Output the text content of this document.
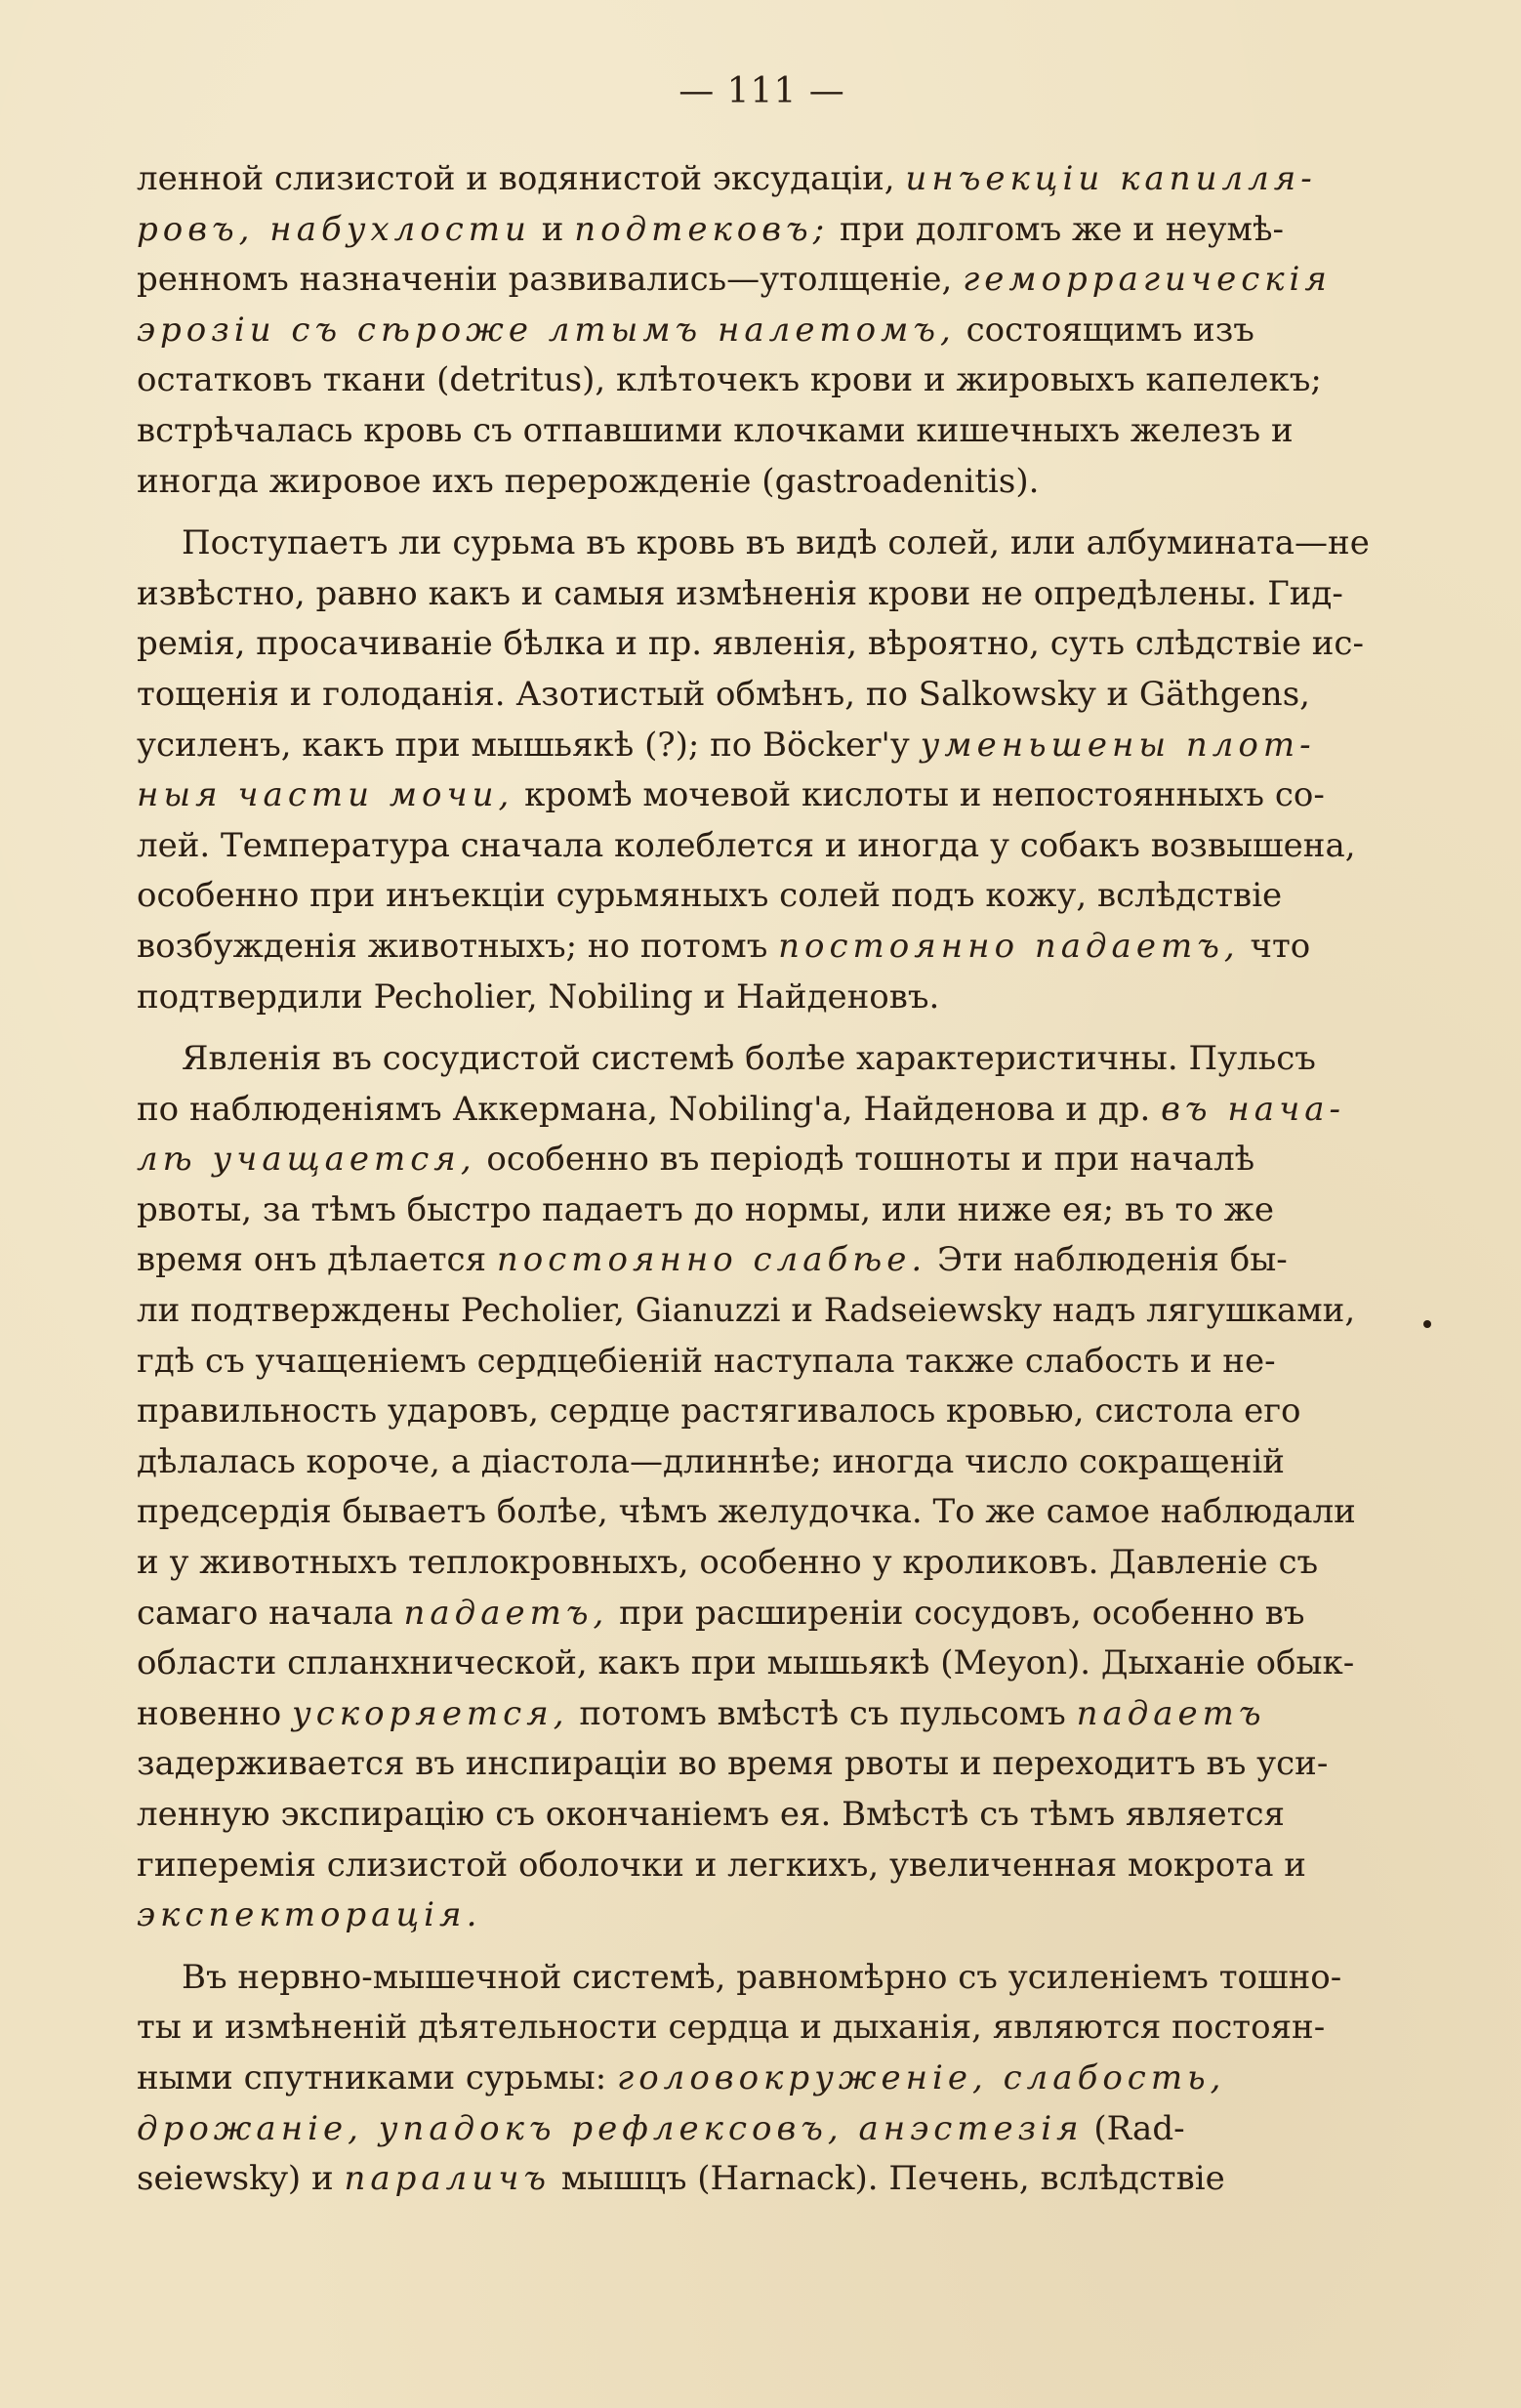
— 111 —
ленной слизистой и водянистой эксудаціи, инъекціи капилля-
ровъ, набухлости и подтековъ; при долгомъ же и неумѣ-
ренномъ назначеніи развивались—утолщеніе, геморрагическія
эрозіи съ сѣроже лтымъ налетомъ, состоящимъ изъ
остатковъ ткани (detritus), клѣточекъ крови и жировыхъ капелекъ;
встрѣчалась кровь съ отпавшими клочками кишечныхъ железъ и
иногда жировое ихъ перерожденіе (gastroadenitis).
Поступаетъ ли сурьма въ кровь въ видѣ солей, или албумината—не
извѣстно, равно какъ и самыя измѣненія крови не опредѣлены. Гид-
ремія, просачиваніе бѣлка и пр. явленія, вѣроятно, суть слѣдствіе ис-
тощенія и голоданія. Азотистый обмѣнъ, по Salkowsky и Gäthgens,
усиленъ, какъ при мышьякѣ (?); по Böcker'у уменьшены плот-
ныя части мочи, кромѣ мочевой кислоты и непостоянныхъ со-
лей. Температура сначала колеблется и иногда у собакъ возвышена,
особенно при инъекціи сурьмяныхъ солей подъ кожу, вслѣдствіе
возбужденія животныхъ; но потомъ постоянно падаетъ, что
подтвердили Pecholier, Nobiling и Найденовъ.
Явленія въ сосудистой системѣ болѣе характеристичны. Пульсъ
по наблюденіямъ Аккермана, Nobiling'а, Найденова и др. въ нача-
лѣ учащается, особенно въ періодѣ тошноты и при началѣ
рвоты, за тѣмъ быстро падаетъ до нормы, или ниже ея; въ то же
время онъ дѣлается постоянно слабѣе. Эти наблюденія бы-
ли подтверждены Pecholier, Gianuzzi и Radseiewsky надъ лягушками,
гдѣ съ учащеніемъ сердцебіеній наступала также слабость и не-
правильность ударовъ, сердце растягивалось кровью, систола его
дѣлалась короче, а діастола—длиннѣе; иногда число сокращеній
предсердія бываетъ болѣе, чѣмъ желудочка. То же самое наблюдали
и у животныхъ теплокровныхъ, особенно у кроликовъ. Давленіе съ
самаго начала падаетъ, при расширеніи сосудовъ, особенно въ
области спланхнической, какъ при мышьякѣ (Meyon). Дыханіе обык-
новенно ускоряется, потомъ вмѣстѣ съ пульсомъ падаетъ
задерживается въ инспираціи во время рвоты и переходитъ въ уси-
ленную экспирацію съ окончаніемъ ея. Вмѣстѣ съ тѣмъ является
гиперемія слизистой оболочки и легкихъ, увеличенная мокрота и
экспекторація.
Въ нервно-мышечной системѣ, равномѣрно съ усиленіемъ тошно-
ты и измѣненій дѣятельности сердца и дыханія, являются постоян-
ными спутниками сурьмы: головокруженіе, слабость,
дрожаніе, упадокъ рефлексовъ, анэстезія (Rad-
seiewsky) и параличъ мышцъ (Harnack). Печень, вслѣдствіе
